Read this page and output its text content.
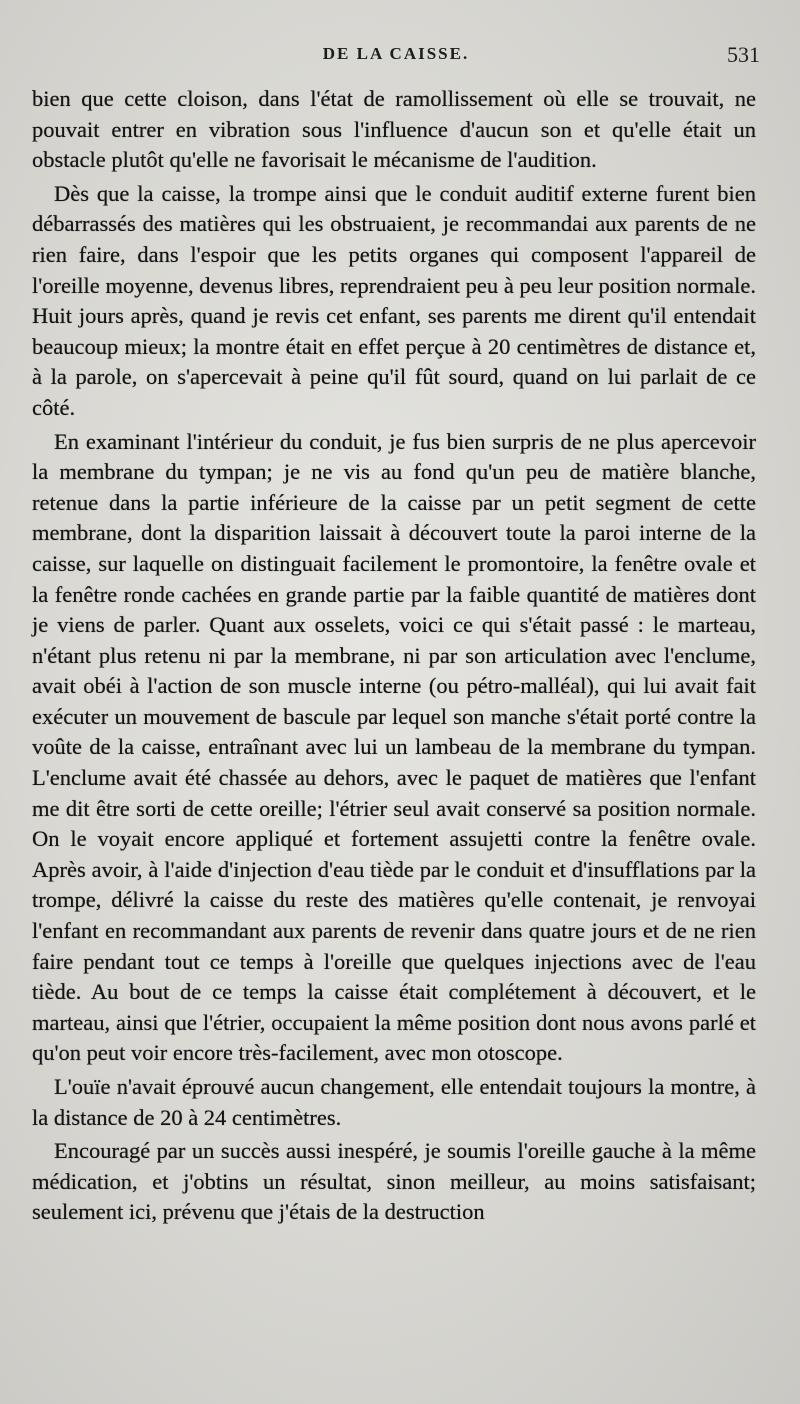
DE LA CAISSE.	531

bien que cette cloison, dans l'état de ramollissement où elle se trouvait, ne pouvait entrer en vibration sous l'influence d'aucun son et qu'elle était un obstacle plutôt qu'elle ne favorisait le mécanisme de l'audition.

Dès que la caisse, la trompe ainsi que le conduit auditif externe furent bien débarrassés des matières qui les obstruaient, je recommandai aux parents de ne rien faire, dans l'espoir que les petits organes qui composent l'appareil de l'oreille moyenne, devenus libres, reprendraient peu à peu leur position normale. Huit jours après, quand je revis cet enfant, ses parents me dirent qu'il entendait beaucoup mieux; la montre était en effet perçue à 20 centimètres de distance et, à la parole, on s'apercevait à peine qu'il fût sourd, quand on lui parlait de ce côté.

En examinant l'intérieur du conduit, je fus bien surpris de ne plus apercevoir la membrane du tympan; je ne vis au fond qu'un peu de matière blanche, retenue dans la partie inférieure de la caisse par un petit segment de cette membrane, dont la disparition laissait à découvert toute la paroi interne de la caisse, sur laquelle on distinguait facilement le promontoire, la fenêtre ovale et la fenêtre ronde cachées en grande partie par la faible quantité de matières dont je viens de parler. Quant aux osselets, voici ce qui s'était passé : le marteau, n'étant plus retenu ni par la membrane, ni par son articulation avec l'enclume, avait obéi à l'action de son muscle interne (ou pétro-malléal), qui lui avait fait exécuter un mouvement de bascule par lequel son manche s'était porté contre la voûte de la caisse, entraînant avec lui un lambeau de la membrane du tympan. L'enclume avait été chassée au dehors, avec le paquet de matières que l'enfant me dit être sorti de cette oreille; l'étrier seul avait conservé sa position normale. On le voyait encore appliqué et fortement assujetti contre la fenêtre ovale. Après avoir, à l'aide d'injection d'eau tiède par le conduit et d'insufflations par la trompe, délivré la caisse du reste des matières qu'elle contenait, je renvoyai l'enfant en recommandant aux parents de revenir dans quatre jours et de ne rien faire pendant tout ce temps à l'oreille que quelques injections avec de l'eau tiède. Au bout de ce temps la caisse était complétement à découvert, et le marteau, ainsi que l'étrier, occupaient la même position dont nous avons parlé et qu'on peut voir encore très-facilement, avec mon otoscope.

L'ouïe n'avait éprouvé aucun changement, elle entendait toujours la montre, à la distance de 20 à 24 centimètres.

Encouragé par un succès aussi inespéré, je soumis l'oreille gauche à la même médication, et j'obtins un résultat, sinon meilleur, au moins satisfaisant; seulement ici, prévenu que j'étais de la destruction
